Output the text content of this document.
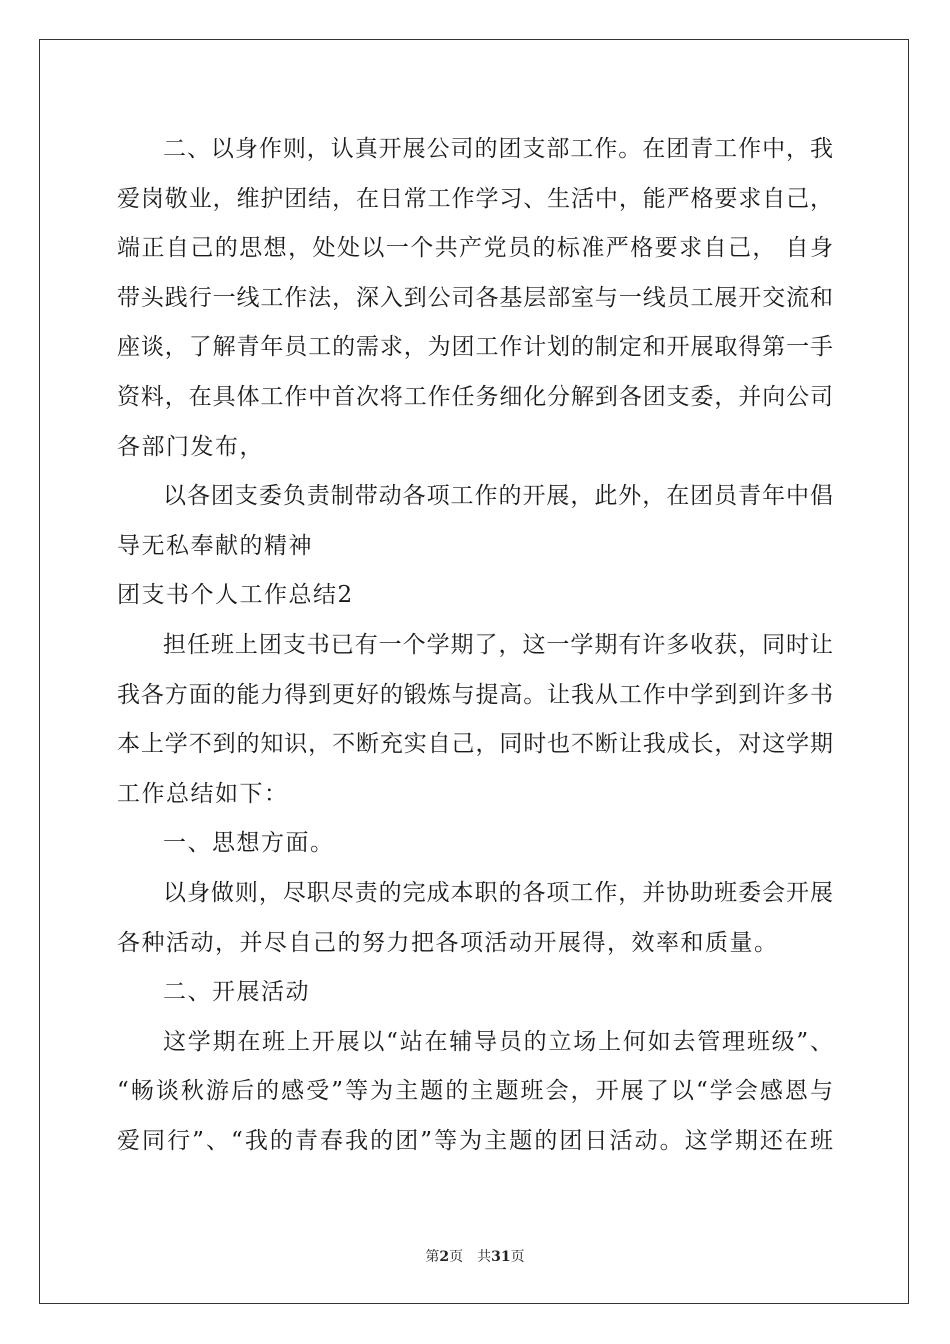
二、以身作则，认真开展公司的团支部工作。在团青工作中，我
爱岗敬业，维护团结，在日常工作学习、生活中，能严格要求自己，
端正自己的思想，处处以一个共产党员的标准严格要求自己， 自身
带头践行一线工作法，深入到公司各基层部室与一线员工展开交流和
座谈，了解青年员工的需求，为团工作计划的制定和开展取得第一手
资料，在具体工作中首次将工作任务细化分解到各团支委，并向公司
各部门发布，
以各团支委负责制带动各项工作的开展，此外，在团员青年中倡
导无私奉献的精神
团支书个人工作总结2
担任班上团支书已有一个学期了，这一学期有许多收获，同时让
我各方面的能力得到更好的锻炼与提高。让我从工作中学到到许多书
本上学不到的知识，不断充实自己，同时也不断让我成长，对这学期
工作总结如下：
一、思想方面。
以身做则，尽职尽责的完成本职的各项工作，并协助班委会开展
各种活动，并尽自己的努力把各项活动开展得，效率和质量。
二、开展活动
这学期在班上开展以“站在辅导员的立场上何如去管理班级”、
“畅谈秋游后的感受”等为主题的主题班会，开展了以“学会感恩与
爱同行”、“我的青春我的团”等为主题的团日活动。这学期还在班
第2页 共31页
